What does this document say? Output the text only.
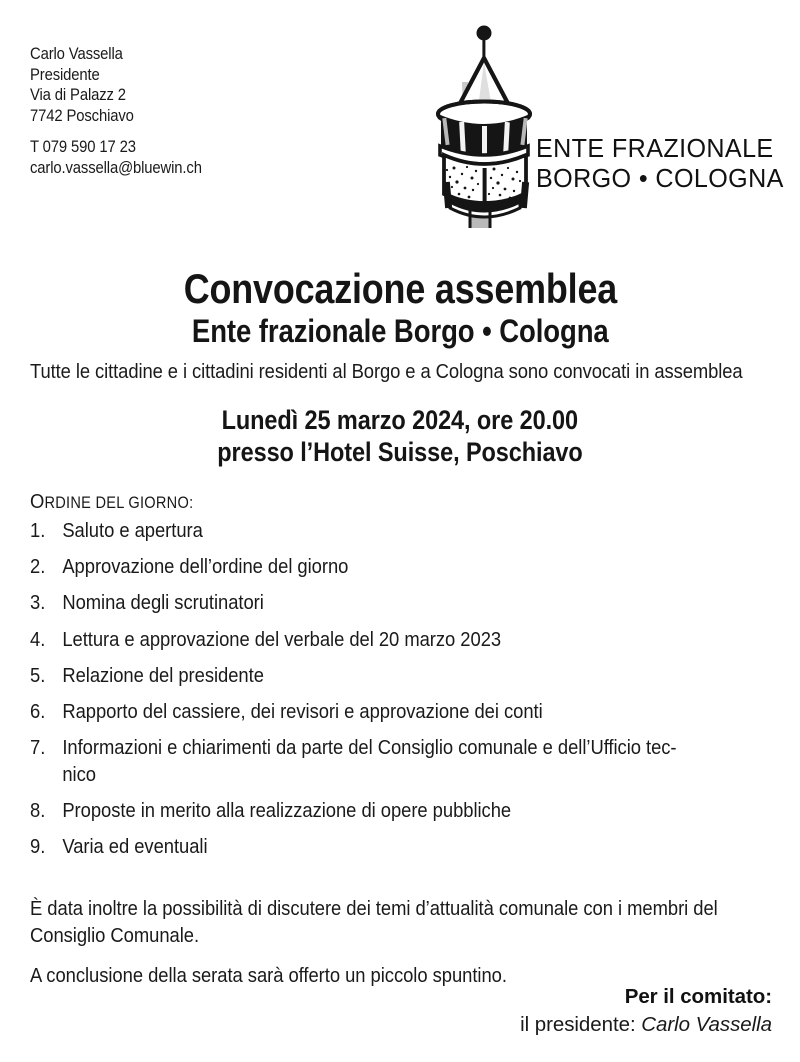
Carlo Vassella
Presidente
Via di Palazz 2
7742 Poschiavo
T 079 590 17 23
carlo.vassella@bluewin.ch
ENTE FRAZIONALE
BORGO • COLOGNA
Convocazione assemblea
Ente frazionale Borgo • Cologna

Tutte le cittadine e i cittadini residenti al Borgo e a Cologna sono convocati in assemblea

Lunedì 25 marzo 2024, ore 20.00
presso l’Hotel Suisse, Poschiavo
ORDINE DEL GIORNO:
1. Saluto e apertura
2. Approvazione dell’ordine del giorno
3. Nomina degli scrutinatori
4. Lettura e approvazione del verbale del 20 marzo 2023
5. Relazione del presidente
6. Rapporto del cassiere, dei revisori e approvazione dei conti
7. Informazioni e chiarimenti da parte del Consiglio comunale e dell’Ufficio tec-
nico
8. Proposte in merito alla realizzazione di opere pubbliche
9. Varia ed eventuali

È data inoltre la possibilità di discutere dei temi d’attualità comunale con i membri del Consiglio Comunale.

A conclusione della serata sarà offerto un piccolo spuntino.

Per il comitato:
il presidente: Carlo Vassella
